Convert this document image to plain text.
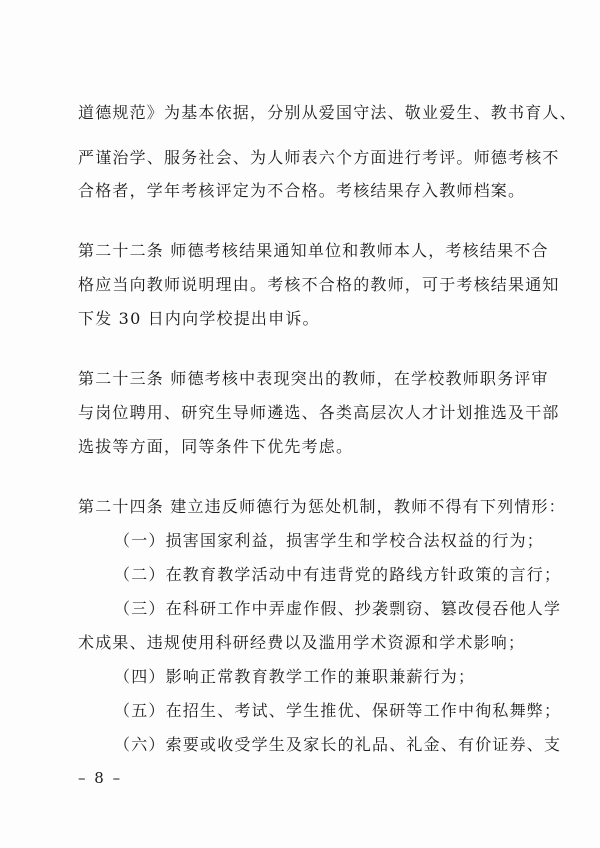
道德规范》为基本依据，分别从爱国守法、敬业爱生、教书育人、
严谨治学、服务社会、为人师表六个方面进行考评。师德考核不
合格者，学年考核评定为不合格。考核结果存入教师档案。
第二十二条 师德考核结果通知单位和教师本人，考核结果不合
格应当向教师说明理由。考核不合格的教师，可于考核结果通知
下发 30 日内向学校提出申诉。
第二十三条 师德考核中表现突出的教师，在学校教师职务评审
与岗位聘用、研究生导师遴选、各类高层次人才计划推选及干部
选拔等方面，同等条件下优先考虑。
第二十四条 建立违反师德行为惩处机制，教师不得有下列情形：
（一）损害国家利益，损害学生和学校合法权益的行为；
（二）在教育教学活动中有违背党的路线方针政策的言行；
（三）在科研工作中弄虚作假、抄袭剽窃、篡改侵吞他人学
术成果、违规使用科研经费以及滥用学术资源和学术影响；
（四）影响正常教育教学工作的兼职兼薪行为；
（五）在招生、考试、学生推优、保研等工作中徇私舞弊；
（六）索要或收受学生及家长的礼品、礼金、有价证券、支
– 8 –
